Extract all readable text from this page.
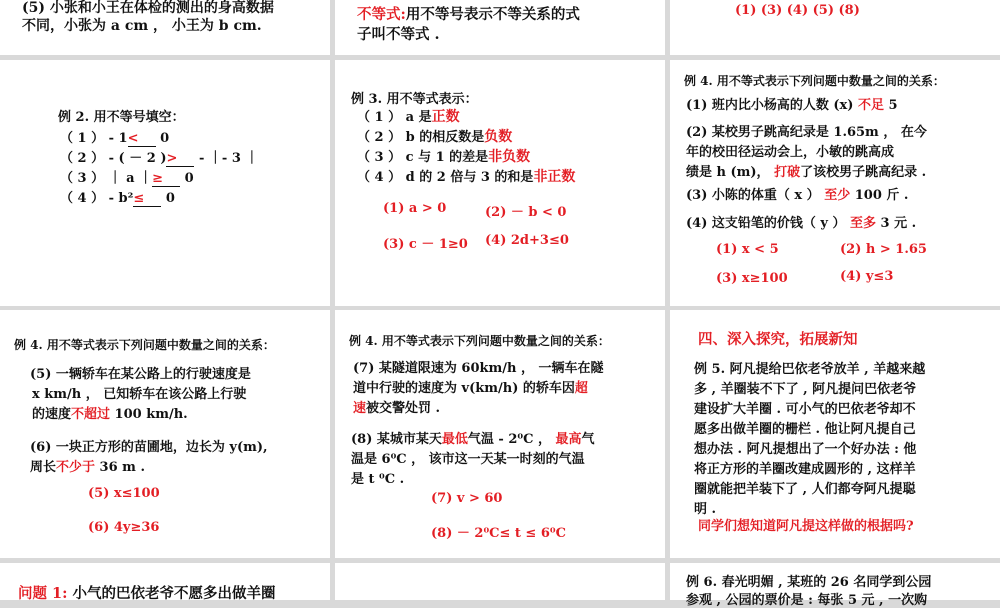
(5) 小张和小王在体检的测出的身高数据
不同，小张为 a cm ， 小王为 b cm.
不等式:用不等号表示不等关系的式
子叫不等式 .
(1) (3) (4) (5) (8)
例 2. 用不等号填空：
（ 1 ） - 1< 0
（ 2 ） - ( － 2 )> - ｜- 3 ｜
（ 3 ） ｜ a ｜≥ 0
（ 4 ） - b²≤ 0
例 3. 用不等式表示：
（ 1 ） a 是正数
（ 2 ） b 的相反数是负数
（ 3 ） c 与 1 的差是非负数
（ 4 ） d 的 2 倍与 3 的和是非正数
(1) a > 0	(2) － b < 0
(3) c － 1≥0 (4) 2d+3≤0
例 4. 用不等式表示下列问题中数量之间的关系：
(1) 班内比小杨高的人数 (x) 不足 5
(2) 某校男子跳高纪录是 1.65m ， 在今
年的校田径运动会上，小敏的跳高成
绩是 h (m)， 打破了该校男子跳高纪录 .
(3) 小陈的体重（ x ） 至少 100 斤 .
(4) 这支铅笔的价钱（ y ） 至多 3 元 .
(1) x < 5	(2) h > 1.65
(3) x≥100	(4) y≤3
例 4. 用不等式表示下列问题中数量之间的关系：
(5) 一辆轿车在某公路上的行驶速度是
x km/h ， 已知轿车在该公路上行驶
的速度不超过 100 km/h.
(6) 一块正方形的苗圃地，边长为 y(m),
周长不少于 36 m .
(5) x≤100
(6) 4y≥36
例 4. 用不等式表示下列问题中数量之间的关系：
(7) 某隧道限速为 60km/h ， 一辆车在隧
道中行驶的速度为 v(km/h) 的轿车因超
速被交警处罚 .
(8) 某城市某天最低气温 - 2⁰C ， 最高气
温是 6⁰C ， 该市这一天某一时刻的气温
是 t ⁰C .
(7) v > 60
(8) － 2⁰C≤ t ≤ 6⁰C
四、深入探究，拓展新知
例 5. 阿凡提给巴依老爷放羊 , 羊越来越
多 , 羊圈装不下了 , 阿凡提问巴依老爷
建设扩大羊圈 . 可小气的巴依老爷却不
愿多出做羊圈的栅栏 . 他让阿凡提自己
想办法 . 阿凡提想出了一个好办法 : 他
将正方形的羊圈改建成圆形的 , 这样羊
圈就能把羊装下了 , 人们都夸阿凡提聪
明 .
同学们想知道阿凡提这样做的根据吗?
问题 1: 小气的巴依老爷不愿多出做羊圈
例 6. 春光明媚 , 某班的 26 名同学到公园
参观 , 公园的票价是 : 每张 5 元 , 一次购
